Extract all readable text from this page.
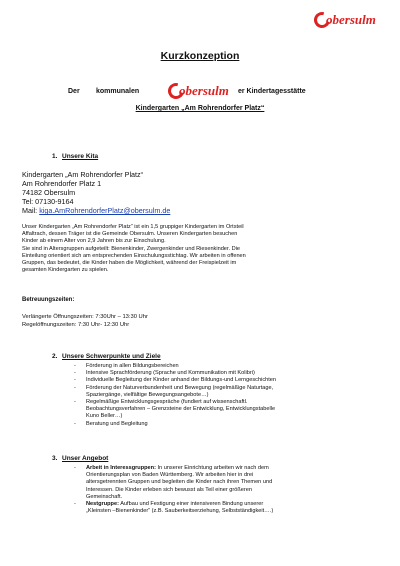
obersulm
Kurzkonzeption
Der kommunalen	obersulm er Kindertagesstätte
Kindergarten „Am Rohrendorfer Platz“
1. Unsere Kita
Kindergarten „Am Rohrendorfer Platz“
Am Rohrendorfer Platz 1
74182 Obersulm
Tel: 07130-9164
Mail: kiga.AmRohrendorferPlatz@obersulm.de
Unser Kindergarten „Am Rohrendorfer Platz“ ist ein 1,5 gruppiger Kindergarten im Ortsteil
Affaltrach, dessen Träger ist die Gemeinde Obersulm. Unseren Kindergarten besuchen
Kinder ab einem Alter von 2,9 Jahren bis zur Einschulung.
Sie sind in Altersgruppen aufgeteilt: Bienenkinder, Zwergenkinder und Riesenkinder. Die
Einteilung orientiert sich am entsprechenden Einschulungsstichtag. Wir arbeiten in offenen
Gruppen, das bedeutet, die Kinder haben die Möglichkeit, während der Freispielzeit im
gesamten Kindergarten zu spielen.
Betreuungszeiten:
Verlängerte Öffnungszeiten: 7:30Uhr – 13:30 Uhr
Regelöffnungszeiten: 7:30 Uhr- 12:30 Uhr
2. Unsere Schwerpunkte und Ziele
- Förderung in allen Bildungsbereichen
- Intensive Sprachförderung (Sprache und Kommunikation mit Kolibri)
- Individuelle Begleitung der Kinder anhand der Bildungs-und Lerngeschichten
- Förderung der Naturverbundenheit und Bewegung (regelmäßige Naturtage,
Spaziergänge, vielfältige Bewegungsangebote…)
- Regelmäßige Entwicklungsgespräche (fundiert auf wissenschaftl.
Beobachtungsverfahren – Grenzsteine der Entwicklung, Entwicklungstabelle
Kuno Beller…)
- Beratung und Begleitung
3. Unser Angebot
- Arbeit in Interessgruppen: In unserer Einrichtung arbeiten wir nach dem
Orientierungsplan von Baden Württemberg. Wir arbeiten hier in drei
altersgetrennten Gruppen und begleiten die Kinder nach ihren Themen und
Interessen. Die Kinder erleben sich bewusst als Teil einer größeren
Gemeinschaft.
- Nestgruppe: Aufbau und Festigung einer intensiveren Bindung unserer
„Kleinsten –Bienenkinder“ (z.B. Sauberkeitserziehung, Selbstständigkeit….)
